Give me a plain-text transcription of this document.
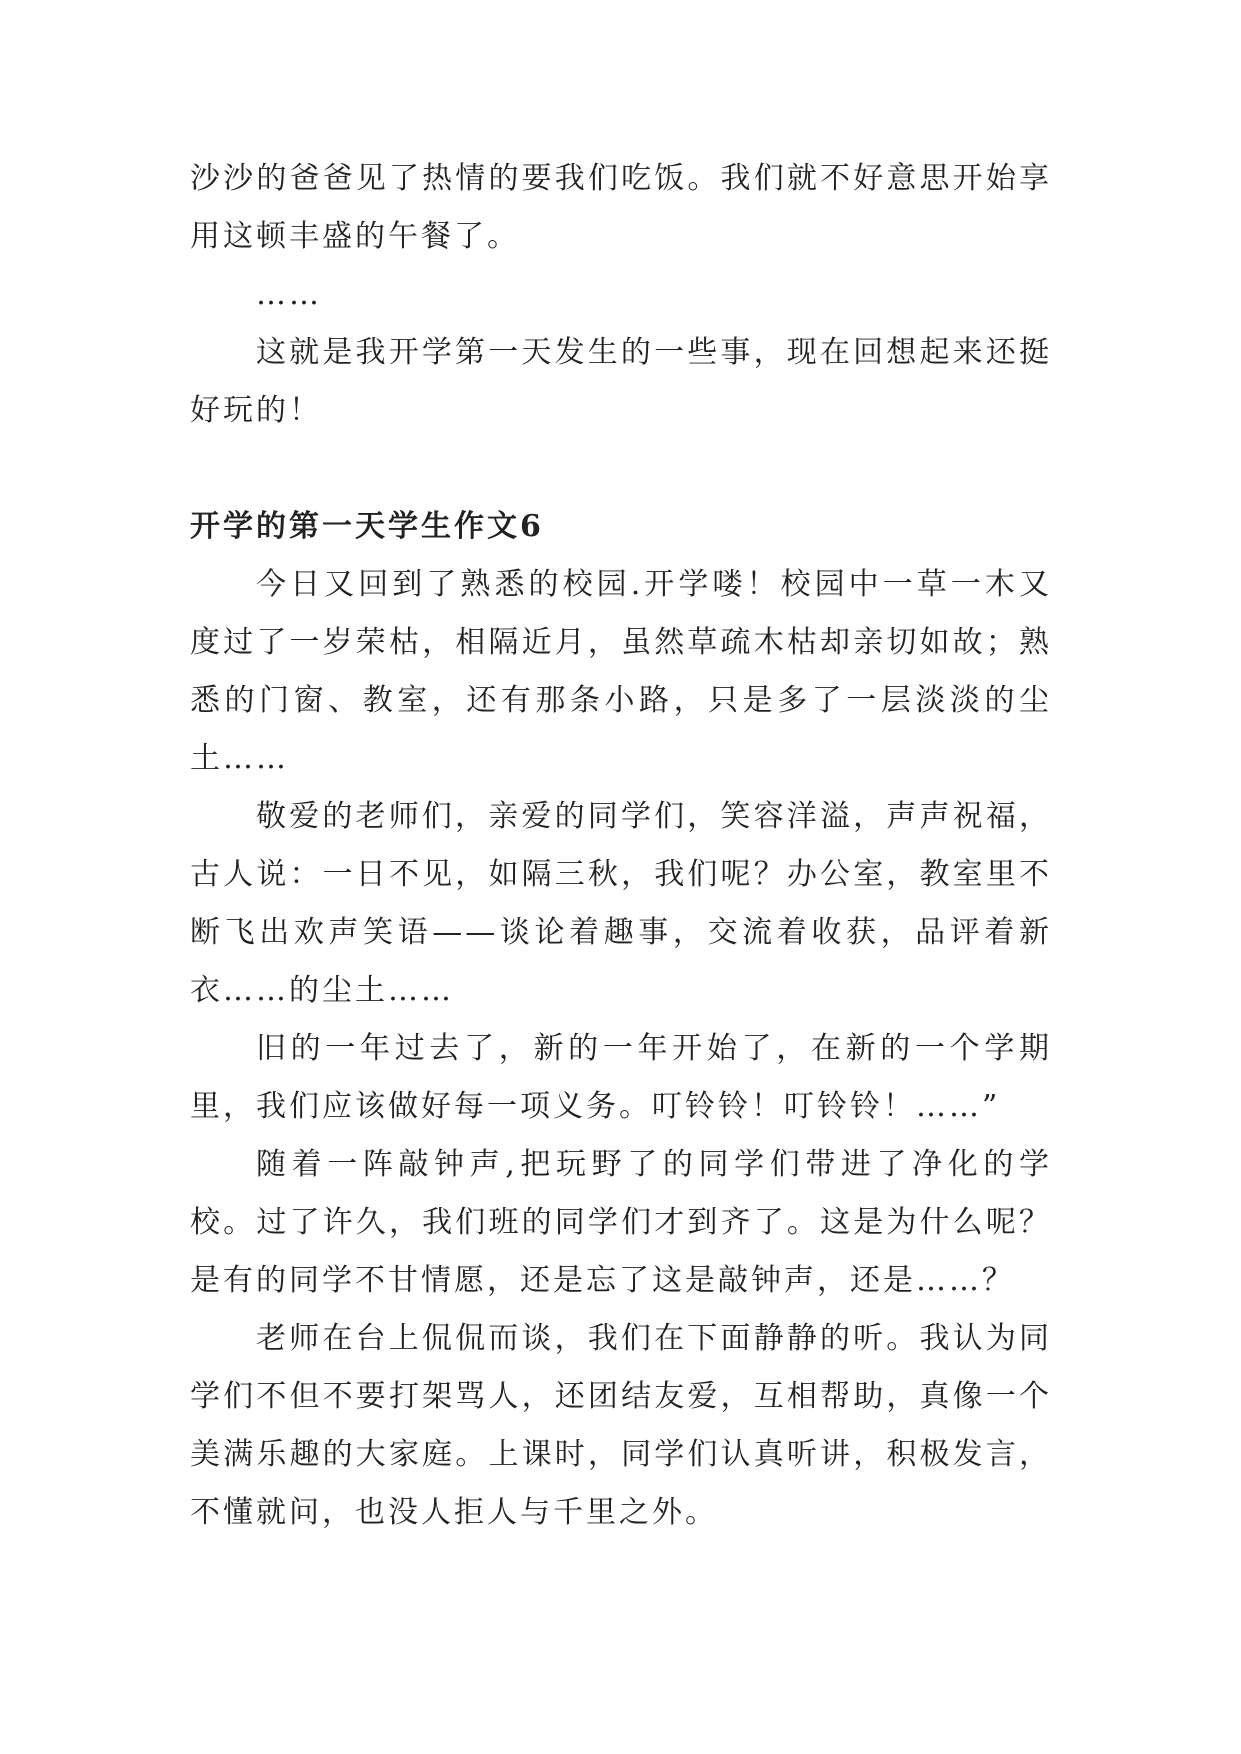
沙沙的爸爸见了热情的要我们吃饭。我们就不好意思开始享用这顿丰盛的午餐了。

……

这就是我开学第一天发生的一些事，现在回想起来还挺好玩的！

开学的第一天学生作文6

今日又回到了熟悉的校园.开学喽！校园中一草一木又度过了一岁荣枯，相隔近月，虽然草疏木枯却亲切如故；熟悉的门窗、教室，还有那条小路，只是多了一层淡淡的尘土……

敬爱的老师们，亲爱的同学们，笑容洋溢，声声祝福，古人说：一日不见，如隔三秋，我们呢？办公室，教室里不断飞出欢声笑语——谈论着趣事，交流着收获，品评着新衣……的尘土……

旧的一年过去了，新的一年开始了，在新的一个学期里，我们应该做好每一项义务。叮铃铃！叮铃铃！……”

随着一阵敲钟声,把玩野了的同学们带进了净化的学校。过了许久，我们班的同学们才到齐了。这是为什么呢？是有的同学不甘情愿，还是忘了这是敲钟声，还是……？

老师在台上侃侃而谈，我们在下面静静的听。我认为同学们不但不要打架骂人，还团结友爱，互相帮助，真像一个美满乐趣的大家庭。上课时，同学们认真听讲，积极发言，不懂就问，也没人拒人与千里之外。
